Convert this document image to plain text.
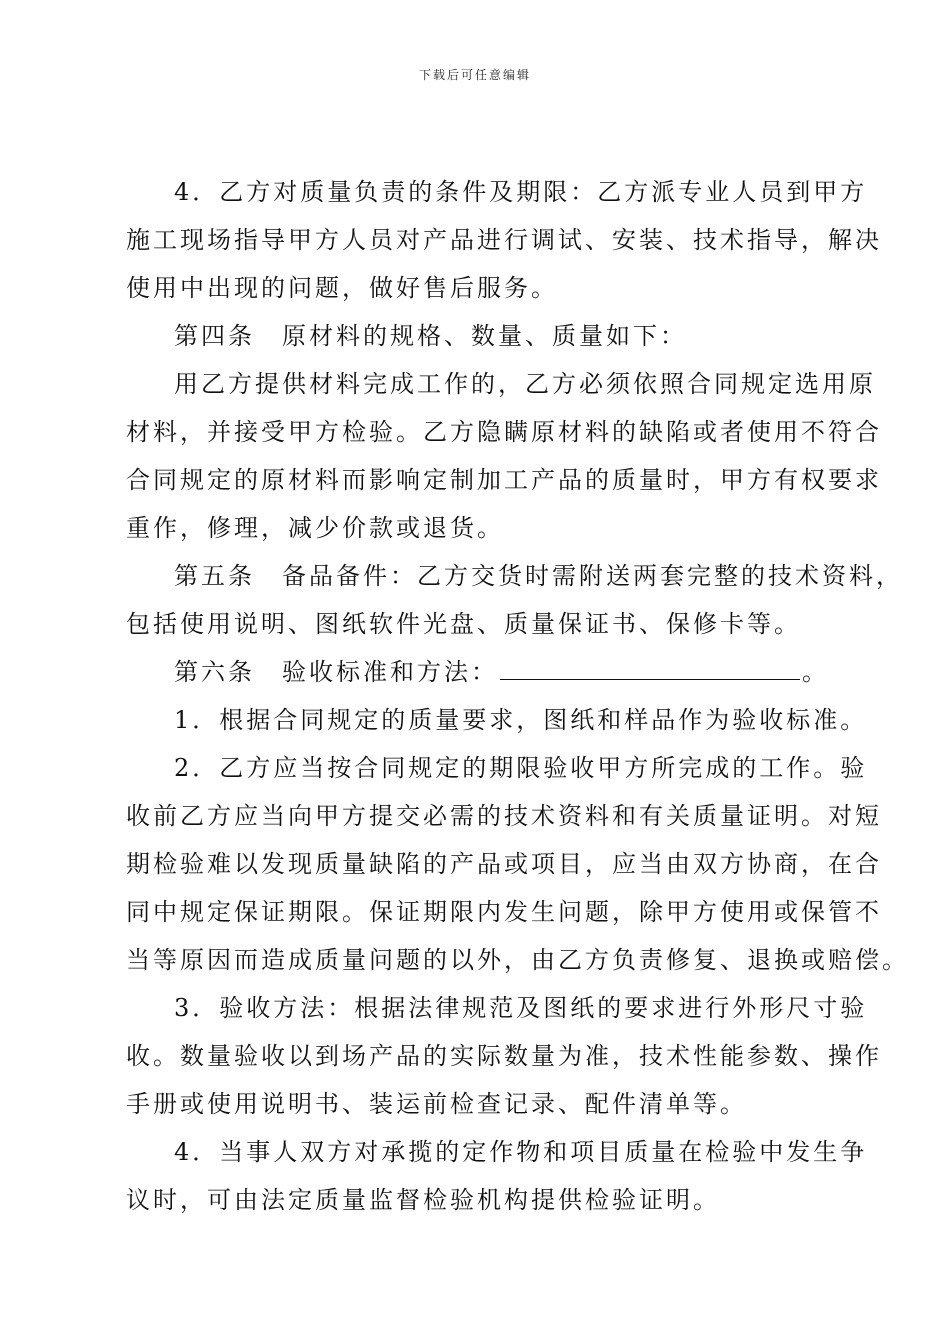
下载后可任意编辑
4．乙方对质量负责的条件及期限：乙方派专业人员到甲方
施工现场指导甲方人员对产品进行调试、安装、技术指导，解决
使用中出现的问题，做好售后服务。
第四条　原材料的规格、数量、质量如下：
用乙方提供材料完成工作的，乙方必须依照合同规定选用原
材料，并接受甲方检验。乙方隐瞒原材料的缺陷或者使用不符合
合同规定的原材料而影响定制加工产品的质量时，甲方有权要求
重作，修理，减少价款或退货。
第五条　备品备件：乙方交货时需附送两套完整的技术资料，
包括使用说明、图纸软件光盘、质量保证书、保修卡等。
第六条　验收标准和方法：	。
1．根据合同规定的质量要求，图纸和样品作为验收标准。
2．乙方应当按合同规定的期限验收甲方所完成的工作。验
收前乙方应当向甲方提交必需的技术资料和有关质量证明。对短
期检验难以发现质量缺陷的产品或项目，应当由双方协商，在合
同中规定保证期限。保证期限内发生问题，除甲方使用或保管不
当等原因而造成质量问题的以外，由乙方负责修复、退换或赔偿。
3．验收方法：根据法律规范及图纸的要求进行外形尺寸验
收。数量验收以到场产品的实际数量为准，技术性能参数、操作
手册或使用说明书、装运前检查记录、配件清单等。
4．当事人双方对承揽的定作物和项目质量在检验中发生争
议时，可由法定质量监督检验机构提供检验证明。
